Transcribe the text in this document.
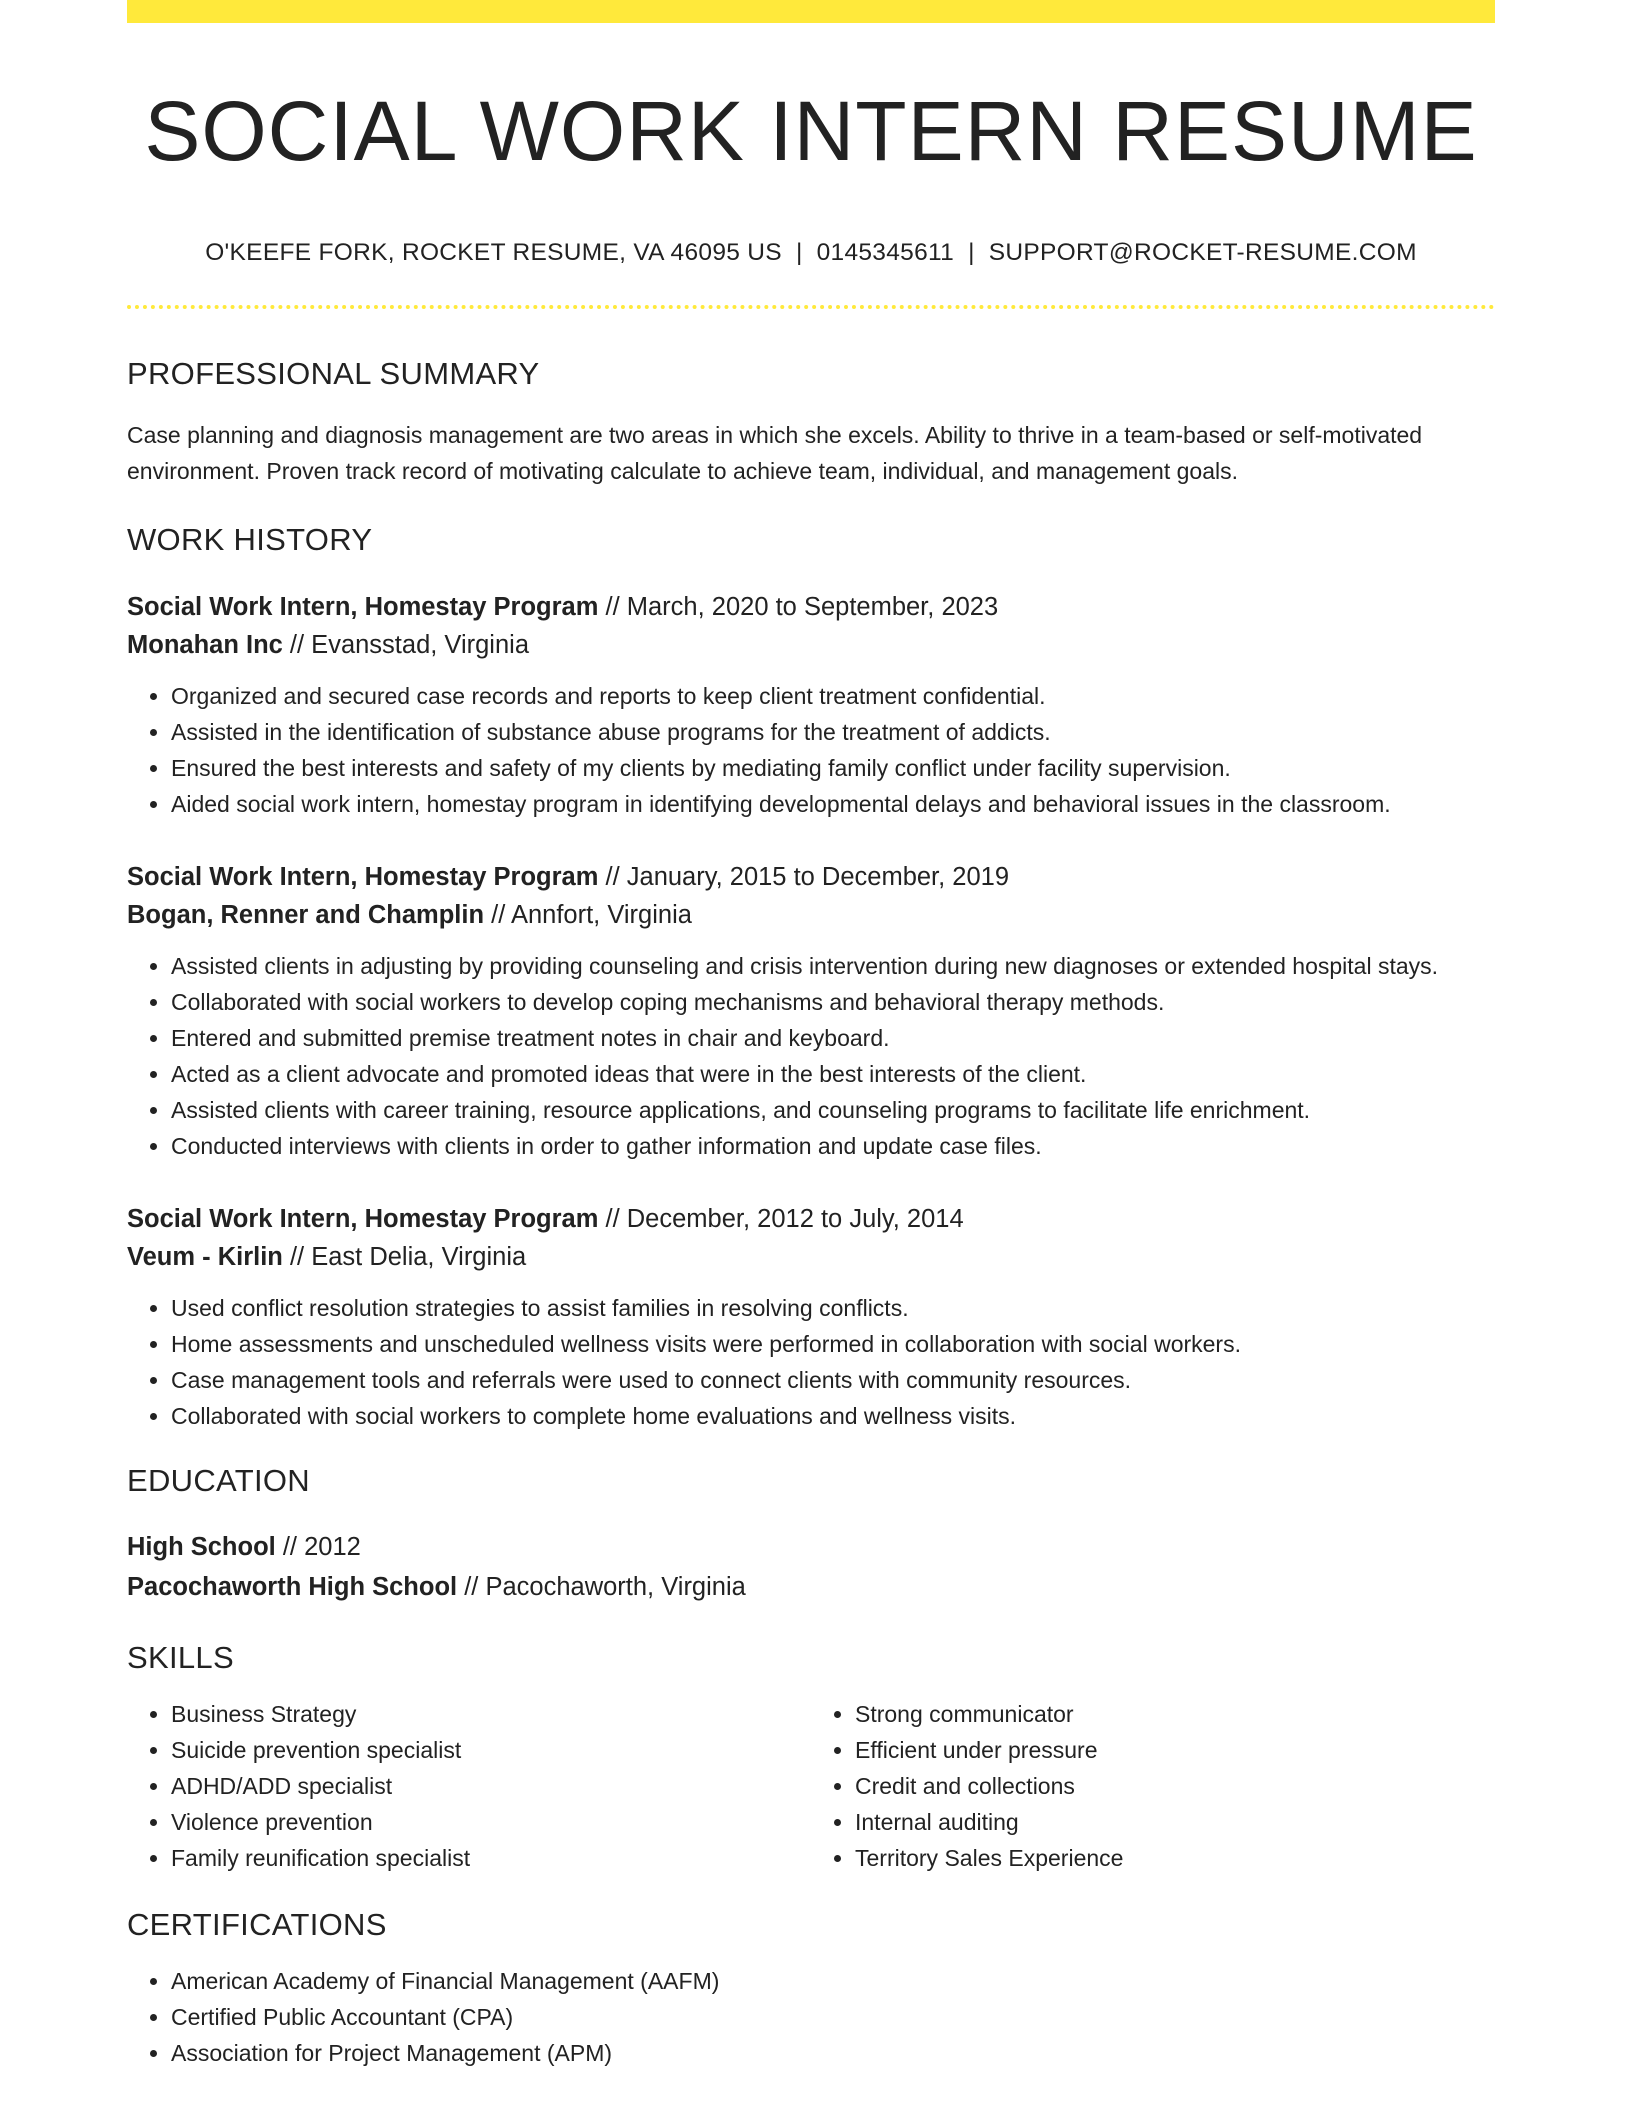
SOCIAL WORK INTERN RESUME
O'KEEFE FORK, ROCKET RESUME, VA 46095 US | 0145345611 | SUPPORT@ROCKET-RESUME.COM
PROFESSIONAL SUMMARY

Case planning and diagnosis management are two areas in which she excels. Ability to thrive in a team-based or self-motivated environment. Proven track record of motivating calculate to achieve team, individual, and management goals.

WORK HISTORY
Social Work Intern, Homestay Program // March, 2020 to September, 2023
Monahan Inc // Evansstad, Virginia
• Organized and secured case records and reports to keep client treatment confidential.
• Assisted in the identification of substance abuse programs for the treatment of addicts.
• Ensured the best interests and safety of my clients by mediating family conflict under facility supervision.
• Aided social work intern, homestay program in identifying developmental delays and behavioral issues in the classroom.
Social Work Intern, Homestay Program // January, 2015 to December, 2019
Bogan, Renner and Champlin // Annfort, Virginia
• Assisted clients in adjusting by providing counseling and crisis intervention during new diagnoses or extended hospital stays.
• Collaborated with social workers to develop coping mechanisms and behavioral therapy methods.
• Entered and submitted premise treatment notes in chair and keyboard.
• Acted as a client advocate and promoted ideas that were in the best interests of the client.
• Assisted clients with career training, resource applications, and counseling programs to facilitate life enrichment.
• Conducted interviews with clients in order to gather information and update case files.
Social Work Intern, Homestay Program // December, 2012 to July, 2014
Veum - Kirlin // East Delia, Virginia
• Used conflict resolution strategies to assist families in resolving conflicts.
• Home assessments and unscheduled wellness visits were performed in collaboration with social workers.
• Case management tools and referrals were used to connect clients with community resources.
• Collaborated with social workers to complete home evaluations and wellness visits.
EDUCATION
High School // 2012
Pacochaworth High School // Pacochaworth, Virginia
SKILLS
• Business Strategy
• Suicide prevention specialist
• ADHD/ADD specialist
• Violence prevention
• Family reunification specialist
• Strong communicator
• Efficient under pressure
• Credit and collections
• Internal auditing
• Territory Sales Experience
CERTIFICATIONS
• American Academy of Financial Management (AAFM)
• Certified Public Accountant (CPA)
• Association for Project Management (APM)
